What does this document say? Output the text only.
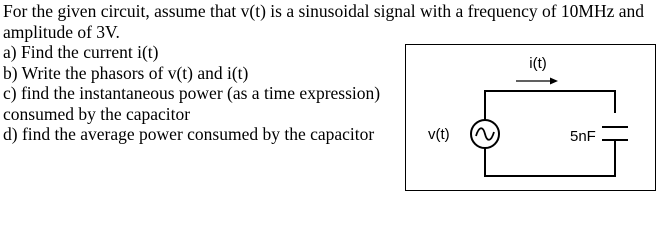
For the given circuit, assume that v(t) is a sinusoidal signal with a frequency of 10MHz and
amplitude of 3V.
a) Find the current i(t)
b) Write the phasors of v(t) and i(t)
c) find the instantaneous power (as a time expression)
consumed by the capacitor
d) find the average power consumed by the capacitor
i(t)
v(t)	5nF
